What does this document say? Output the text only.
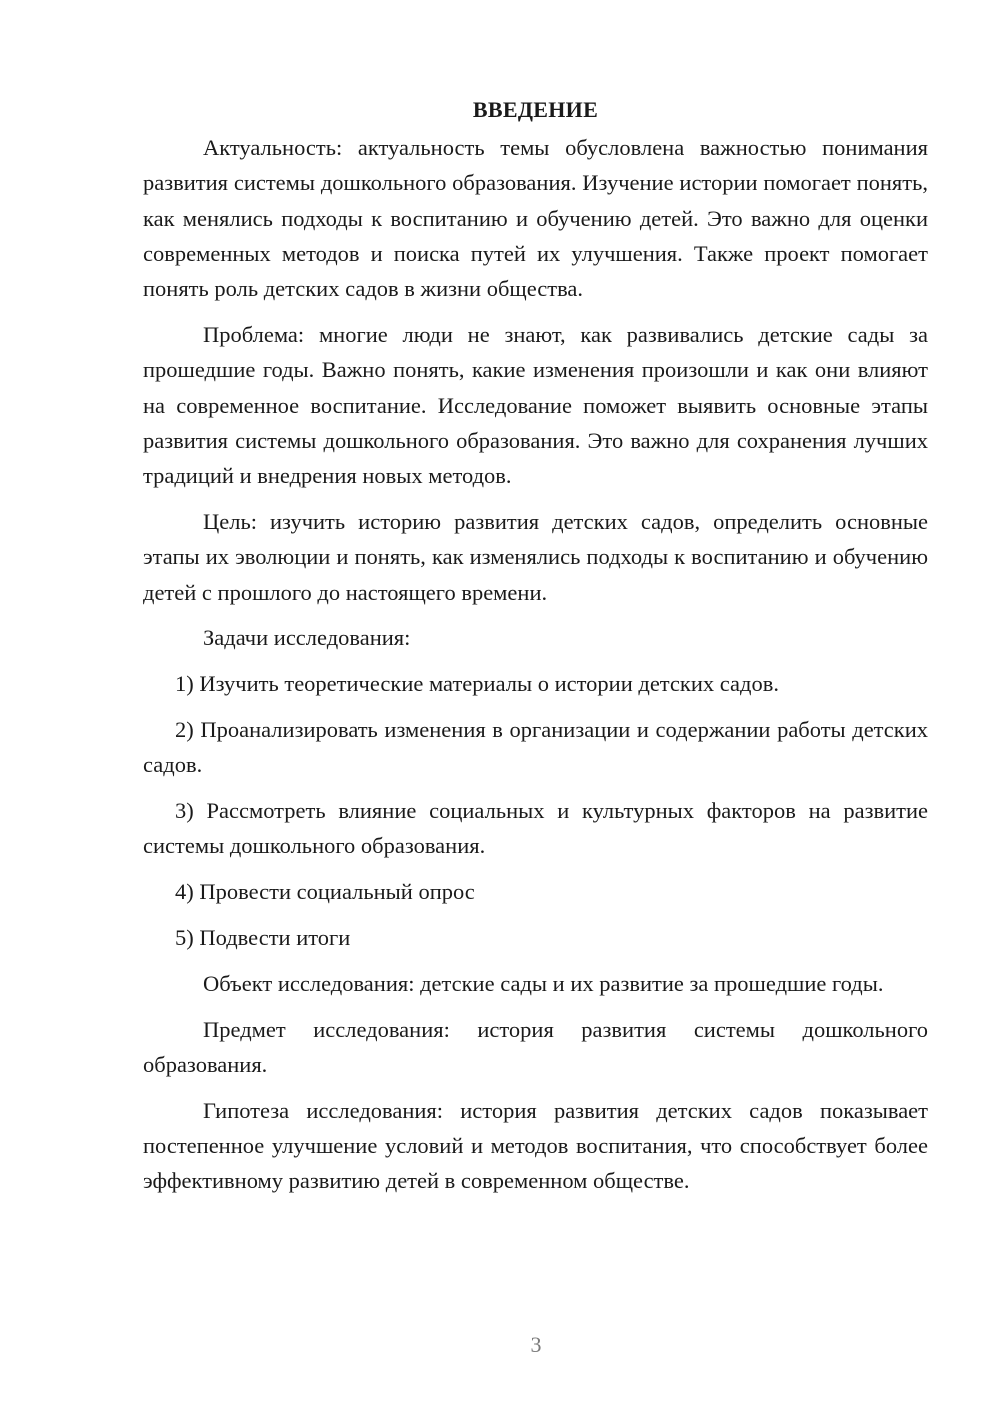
ВВЕДЕНИЕ

Актуальность: актуальность темы обусловлена важностью понимания развития системы дошкольного образования. Изучение истории помогает понять, как менялись подходы к воспитанию и обучению детей. Это важно для оценки современных методов и поиска путей их улучшения. Также проект помогает понять роль детских садов в жизни общества.

Проблема: многие люди не знают, как развивались детские сады за прошедшие годы. Важно понять, какие изменения произошли и как они влияют на современное воспитание. Исследование поможет выявить основные этапы развития системы дошкольного образования. Это важно для сохранения лучших традиций и внедрения новых методов.

Цель: изучить историю развития детских садов, определить основные этапы их эволюции и понять, как изменялись подходы к воспитанию и обучению детей с прошлого до настоящего времени.

Задачи исследования:

1) Изучить теоретические материалы о истории детских садов.

2) Проанализировать изменения в организации и содержании работы детских садов.

3) Рассмотреть влияние социальных и культурных факторов на развитие системы дошкольного образования.

4) Провести социальный опрос

5) Подвести итоги

Объект исследования: детские сады и их развитие за прошедшие годы.

Предмет исследования: история развития системы дошкольного образования.

Гипотеза исследования: история развития детских садов показывает постепенное улучшение условий и методов воспитания, что способствует более эффективному развитию детей в современном обществе.

3
